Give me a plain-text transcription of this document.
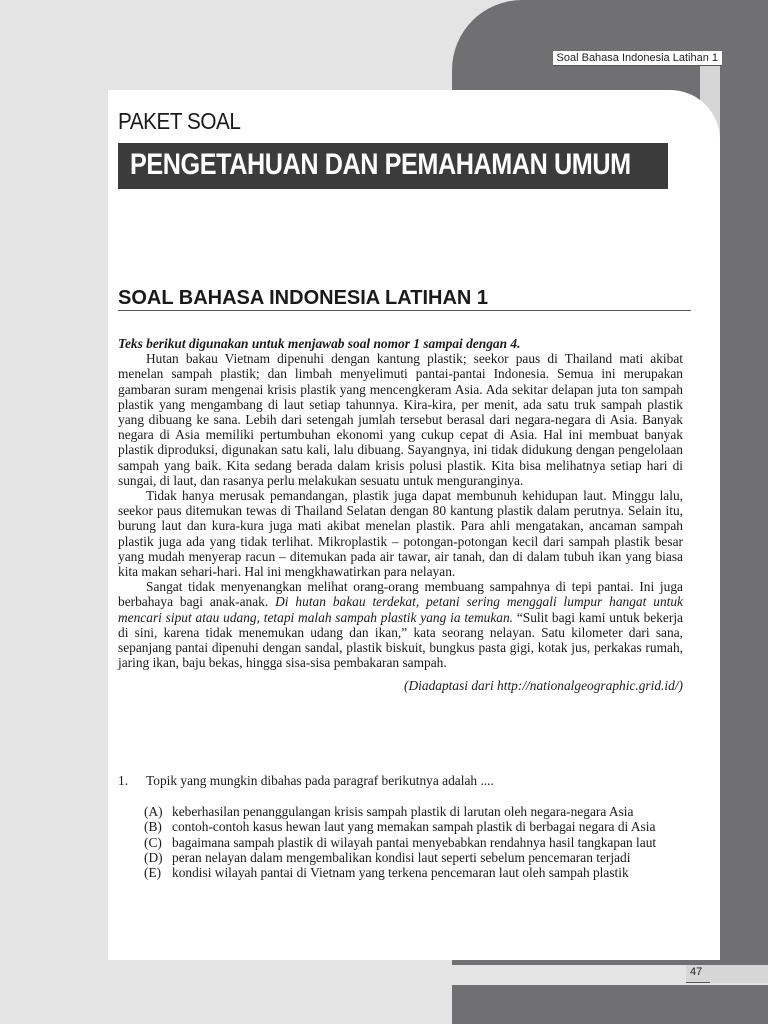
Soal Bahasa Indonesia Latihan 1
PAKET SOAL
PENGETAHUAN DAN PEMAHAMAN UMUM
SOAL BAHASA INDONESIA LATIHAN 1

Teks berikut digunakan untuk menjawab soal nomor 1 sampai dengan 4.

Hutan bakau Vietnam dipenuhi dengan kantung plastik; seekor paus di Thailand mati akibat menelan sampah plastik; dan limbah menyelimuti pantai-pantai Indonesia. Semua ini merupakan gambaran suram mengenai krisis plastik yang mencengkeram Asia. Ada sekitar delapan juta ton sampah plastik yang mengambang di laut setiap tahunnya. Kira-kira, per menit, ada satu truk sampah plastik yang dibuang ke sana. Lebih dari setengah jumlah tersebut berasal dari negara-negara di Asia. Banyak negara di Asia memiliki pertumbuhan ekonomi yang cukup cepat di Asia. Hal ini membuat banyak plastik diproduksi, digunakan satu kali, lalu dibuang. Sayangnya, ini tidak didukung dengan pengelolaan sampah yang baik. Kita sedang berada dalam krisis polusi plastik. Kita bisa melihatnya setiap hari di sungai, di laut, dan rasanya perlu melakukan sesuatu untuk menguranginya.

Tidak hanya merusak pemandangan, plastik juga dapat membunuh kehidupan laut. Minggu lalu, seekor paus ditemukan tewas di Thailand Selatan dengan 80 kantung plastik dalam perutnya. Selain itu, burung laut dan kura-kura juga mati akibat menelan plastik. Para ahli mengatakan, ancaman sampah plastik juga ada yang tidak terlihat. Mikroplastik – potongan-potongan kecil dari sampah plastik besar yang mudah menyerap racun – ditemukan pada air tawar, air tanah, dan di dalam tubuh ikan yang biasa kita makan sehari-hari. Hal ini mengkhawatirkan para nelayan.

Sangat tidak menyenangkan melihat orang-orang membuang sampahnya di tepi pantai. Ini juga berbahaya bagi anak-anak. Di hutan bakau terdekat, petani sering menggali lumpur hangat untuk mencari siput atau udang, tetapi malah sampah plastik yang ia temukan. “Sulit bagi kami untuk bekerja di sini, karena tidak menemukan udang dan ikan,” kata seorang nelayan. Satu kilometer dari sana, sepanjang pantai dipenuhi dengan sandal, plastik biskuit, bungkus pasta gigi, kotak jus, perkakas rumah, jaring ikan, baju bekas, hingga sisa-sisa pembakaran sampah.

(Diadaptasi dari http://nationalgeographic.grid.id/)

1.	Topik yang mungkin dibahas pada paragraf berikutnya adalah ....
(A) keberhasilan penanggulangan krisis sampah plastik di larutan oleh negara-negara Asia
(B) contoh-contoh kasus hewan laut yang memakan sampah plastik di berbagai negara di Asia
(C) bagaimana sampah plastik di wilayah pantai menyebabkan rendahnya hasil tangkapan laut
(D) peran nelayan dalam mengembalikan kondisi laut seperti sebelum pencemaran terjadi
(E) kondisi wilayah pantai di Vietnam yang terkena pencemaran laut oleh sampah plastik
47
